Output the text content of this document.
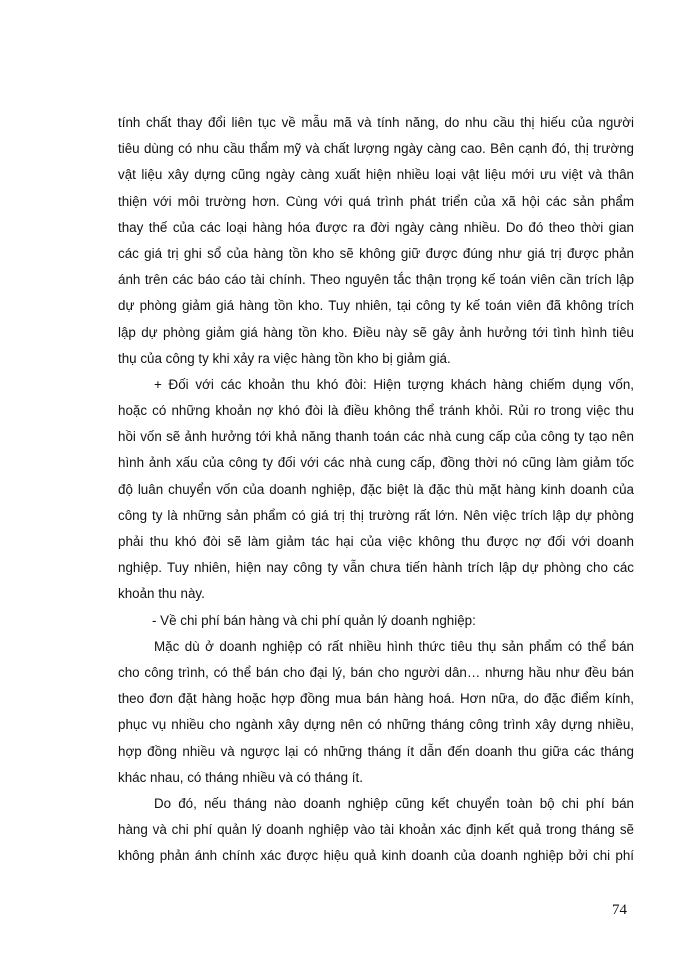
tính chất thay đổi liên tục về mẫu mã và tính năng, do nhu cầu thị hiếu của người
tiêu dùng có nhu cầu thẩm mỹ và chất lượng ngày càng cao. Bên cạnh đó, thị trường
vật liệu xây dựng cũng ngày càng xuất hiện nhiều loại vật liệu mới ưu việt và thân
thiện với môi trường hơn. Cùng với quá trình phát triển của xã hội các sản phẩm
thay thế của các loại hàng hóa được ra đời ngày càng nhiều. Do đó theo thời gian
các giá trị ghi sổ của hàng tồn kho sẽ không giữ được đúng như giá trị được phản
ánh trên các báo cáo tài chính. Theo nguyên tắc thận trọng kế toán viên cần trích lập
dự phòng giảm giá hàng tồn kho. Tuy nhiên, tại công ty kế toán viên đã không trích
lập dự phòng giảm giá hàng tồn kho. Điều này sẽ gây ảnh hưởng tới tình hình tiêu
thụ của công ty khi xảy ra việc hàng tồn kho bị giảm giá.
+ Đối với các khoản thu khó đòi: Hiện tượng khách hàng chiếm dụng vốn,
hoặc có những khoản nợ khó đòi là điều không thể tránh khỏi. Rủi ro trong việc thu
hồi vốn sẽ ảnh hưởng tới khả năng thanh toán các nhà cung cấp của công ty tạo nên
hình ảnh xấu của công ty đối với các nhà cung cấp, đồng thời nó cũng làm giảm tốc
độ luân chuyển vốn của doanh nghiệp, đặc biệt là đặc thù mặt hàng kinh doanh của
công ty là những sản phẩm có giá trị thị trường rất lớn. Nên việc trích lập dự phòng
phải thu khó đòi sẽ làm giảm tác hại của việc không thu được nợ đối với doanh
nghiệp. Tuy nhiên, hiện nay công ty vẫn chưa tiến hành trích lập dự phòng cho các
khoản thu này.
- Về chi phí bán hàng và chi phí quản lý doanh nghiệp:
Mặc dù ở doanh nghiệp có rất nhiều hình thức tiêu thụ sản phẩm có thể bán
cho công trình, có thể bán cho đại lý, bán cho người dân… nhưng hầu như đều bán
theo đơn đặt hàng hoặc hợp đồng mua bán hàng hoá. Hơn nữa, do đặc điểm kính,
phục vụ nhiều cho ngành xây dựng nên có những tháng công trình xây dựng nhiều,
hợp đồng nhiều và ngược lại có những tháng ít dẫn đến doanh thu giữa các tháng
khác nhau, có tháng nhiều và có tháng ít.
Do đó, nếu tháng nào doanh nghiệp cũng kết chuyển toàn bộ chi phí bán
hàng và chi phí quản lý doanh nghiệp vào tài khoản xác định kết quả trong tháng sẽ
không phản ánh chính xác được hiệu quả kinh doanh của doanh nghiệp bởi chi phí
74
